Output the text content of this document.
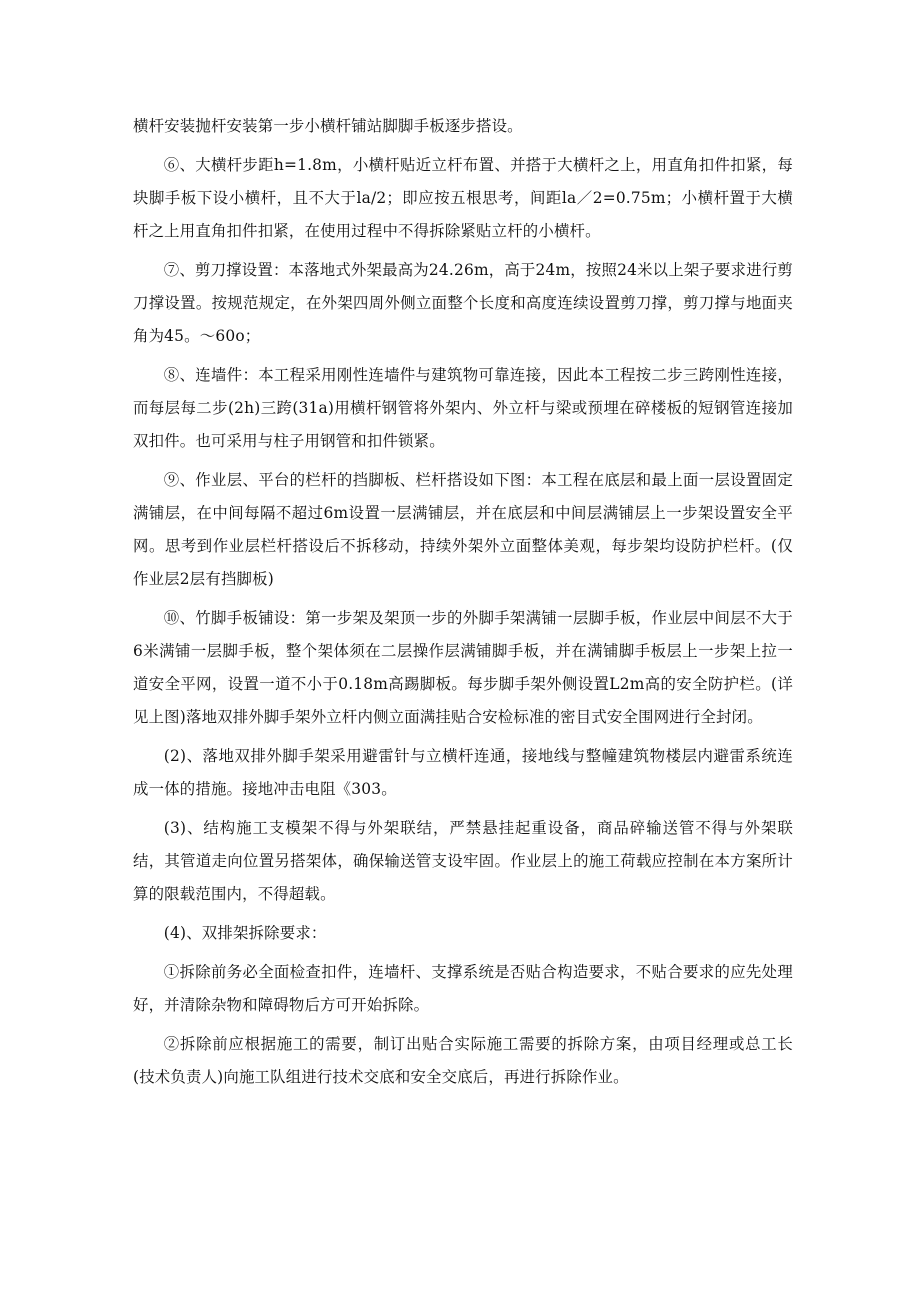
横杆安装抛杆安装第一步小横杆铺站脚脚手板逐步搭设。

⑥、大横杆步距h=1.8m，小横杆贴近立杆布置、并搭于大横杆之上，用直角扣件扣紧，每块脚手板下设小横杆，且不大于la/2；即应按五根思考，间距la／2=0.75m；小横杆置于大横杆之上用直角扣件扣紧，在使用过程中不得拆除紧贴立杆的小横杆。

⑦、剪刀撑设置：本落地式外架最高为24.26m，高于24m，按照24米以上架子要求进行剪刀撑设置。按规范规定，在外架四周外侧立面整个长度和高度连续设置剪刀撑，剪刀撑与地面夹角为45。～60o；

⑧、连墙件：本工程采用刚性连墙件与建筑物可靠连接，因此本工程按二步三跨刚性连接，而每层每二步(2h)三跨(31a)用横杆钢管将外架内、外立杆与梁或预埋在碎楼板的短钢管连接加双扣件。也可采用与柱子用钢管和扣件锁紧。

⑨、作业层、平台的栏杆的挡脚板、栏杆搭设如下图：本工程在底层和最上面一层设置固定满铺层，在中间每隔不超过6m设置一层满铺层，并在底层和中间层满铺层上一步架设置安全平网。思考到作业层栏杆搭设后不拆移动，持续外架外立面整体美观，每步架均设防护栏杆。(仅作业层2层有挡脚板)

⑩、竹脚手板铺设：第一步架及架顶一步的外脚手架满铺一层脚手板，作业层中间层不大于6米满铺一层脚手板，整个架体须在二层操作层满铺脚手板，并在满铺脚手板层上一步架上拉一道安全平网，设置一道不小于0.18m高踢脚板。每步脚手架外侧设置L2m高的安全防护栏。(详见上图)落地双排外脚手架外立杆内侧立面满挂贴合安检标准的密目式安全围网进行全封闭。

(2)、落地双排外脚手架采用避雷针与立横杆连通，接地线与整幢建筑物楼层内避雷系统连成一体的措施。接地冲击电阻《303。

(3)、结构施工支模架不得与外架联结，严禁悬挂起重设备，商品碎输送管不得与外架联结，其管道走向位置另搭架体，确保输送管支设牢固。作业层上的施工荷载应控制在本方案所计算的限载范围内，不得超载。

(4)、双排架拆除要求：

①拆除前务必全面检查扣件，连墙杆、支撑系统是否贴合构造要求，不贴合要求的应先处理好，并清除杂物和障碍物后方可开始拆除。

②拆除前应根据施工的需要，制订出贴合实际施工需要的拆除方案，由项目经理或总工长(技术负责人)向施工队组进行技术交底和安全交底后，再进行拆除作业。
